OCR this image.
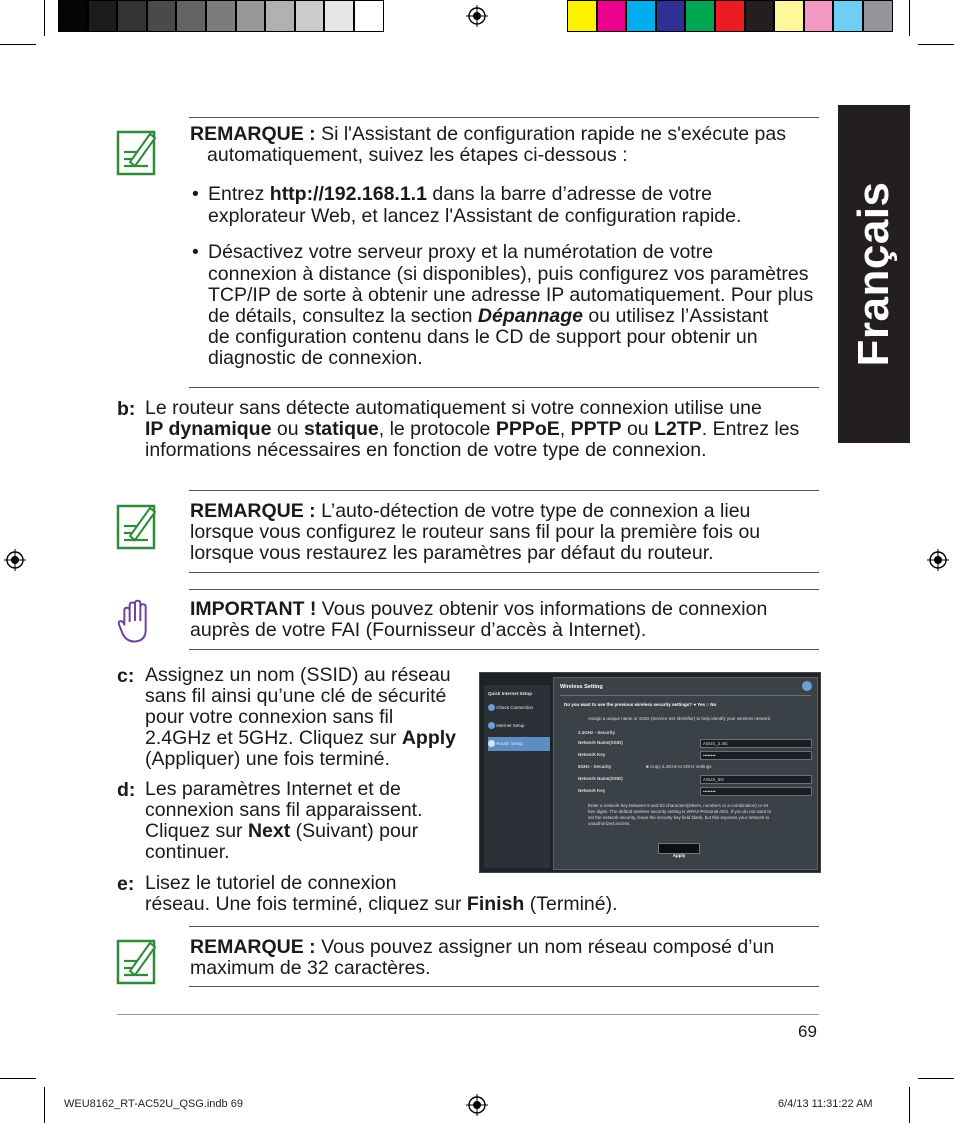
Français
REMARQUE : Si l'Assistant de configuration rapide ne s'exécute pas
automatiquement, suivez les étapes ci-dessous :
• Entrez http://192.168.1.1 dans la barre d’adresse de votre
explorateur Web, et lancez l'Assistant de configuration rapide.
• Désactivez votre serveur proxy et la numérotation de votre
connexion à distance (si disponibles), puis configurez vos paramètres
TCP/IP de sorte à obtenir une adresse IP automatiquement. Pour plus
de détails, consultez la section Dépannage ou utilisez l’Assistant
de configuration contenu dans le CD de support pour obtenir un
diagnostic de connexion.
b: Le routeur sans détecte automatiquement si votre connexion utilise une
IP dynamique ou statique, le protocole PPPoE, PPTP ou L2TP. Entrez les
informations nécessaires en fonction de votre type de connexion.
REMARQUE : L’auto-détection de votre type de connexion a lieu
lorsque vous configurez le routeur sans fil pour la première fois ou
lorsque vous restaurez les paramètres par défaut du routeur.
IMPORTANT ! Vous pouvez obtenir vos informations de connexion
auprès de votre FAI (Fournisseur d’accès à Internet).
c: Assignez un nom (SSID) au réseau
sans fil ainsi qu’une clé de sécurité
pour votre connexion sans fil
2.4GHz et 5GHz. Cliquez sur Apply
(Appliquer) une fois terminé.
d: Les paramètres Internet et de
connexion sans fil apparaissent.
Cliquez sur Next (Suivant) pour
continuer.
e: Lisez le tutoriel de connexion
réseau. Une fois terminé, cliquez sur Finish (Terminé).
Quick Internet Setup
Check Connection
Internet Setup
Router Setup
Wireless Setting
Do you want to use the previous wireless security settings? ● Yes ○ No
Assign a unique name or SSID (Service Set Identifier) to help identify your wireless network.
2.4GHz - Security
Network Name(SSID)	ASUS_2.4G
Network Key	••••••••
5GHz - Security	■ Copy 2.4GHz to 5GHz settings
Network Name(SSID)	ASUS_5G
Network Key	••••••••
Enter a network key between 8 and 63 characters(letters, numbers or a combination) or 64
hex digits. The default wireless security setting is WPA2-Personal AES. If you do not want to
set the network security, leave the security key field blank, but this exposes your network to
unauthorized access.
Apply
REMARQUE : Vous pouvez assigner un nom réseau composé d’un
maximum de 32 caractères.
69
WEU8162_RT-AC52U_QSG.indb 69	6/4/13 11:31:22 AM
